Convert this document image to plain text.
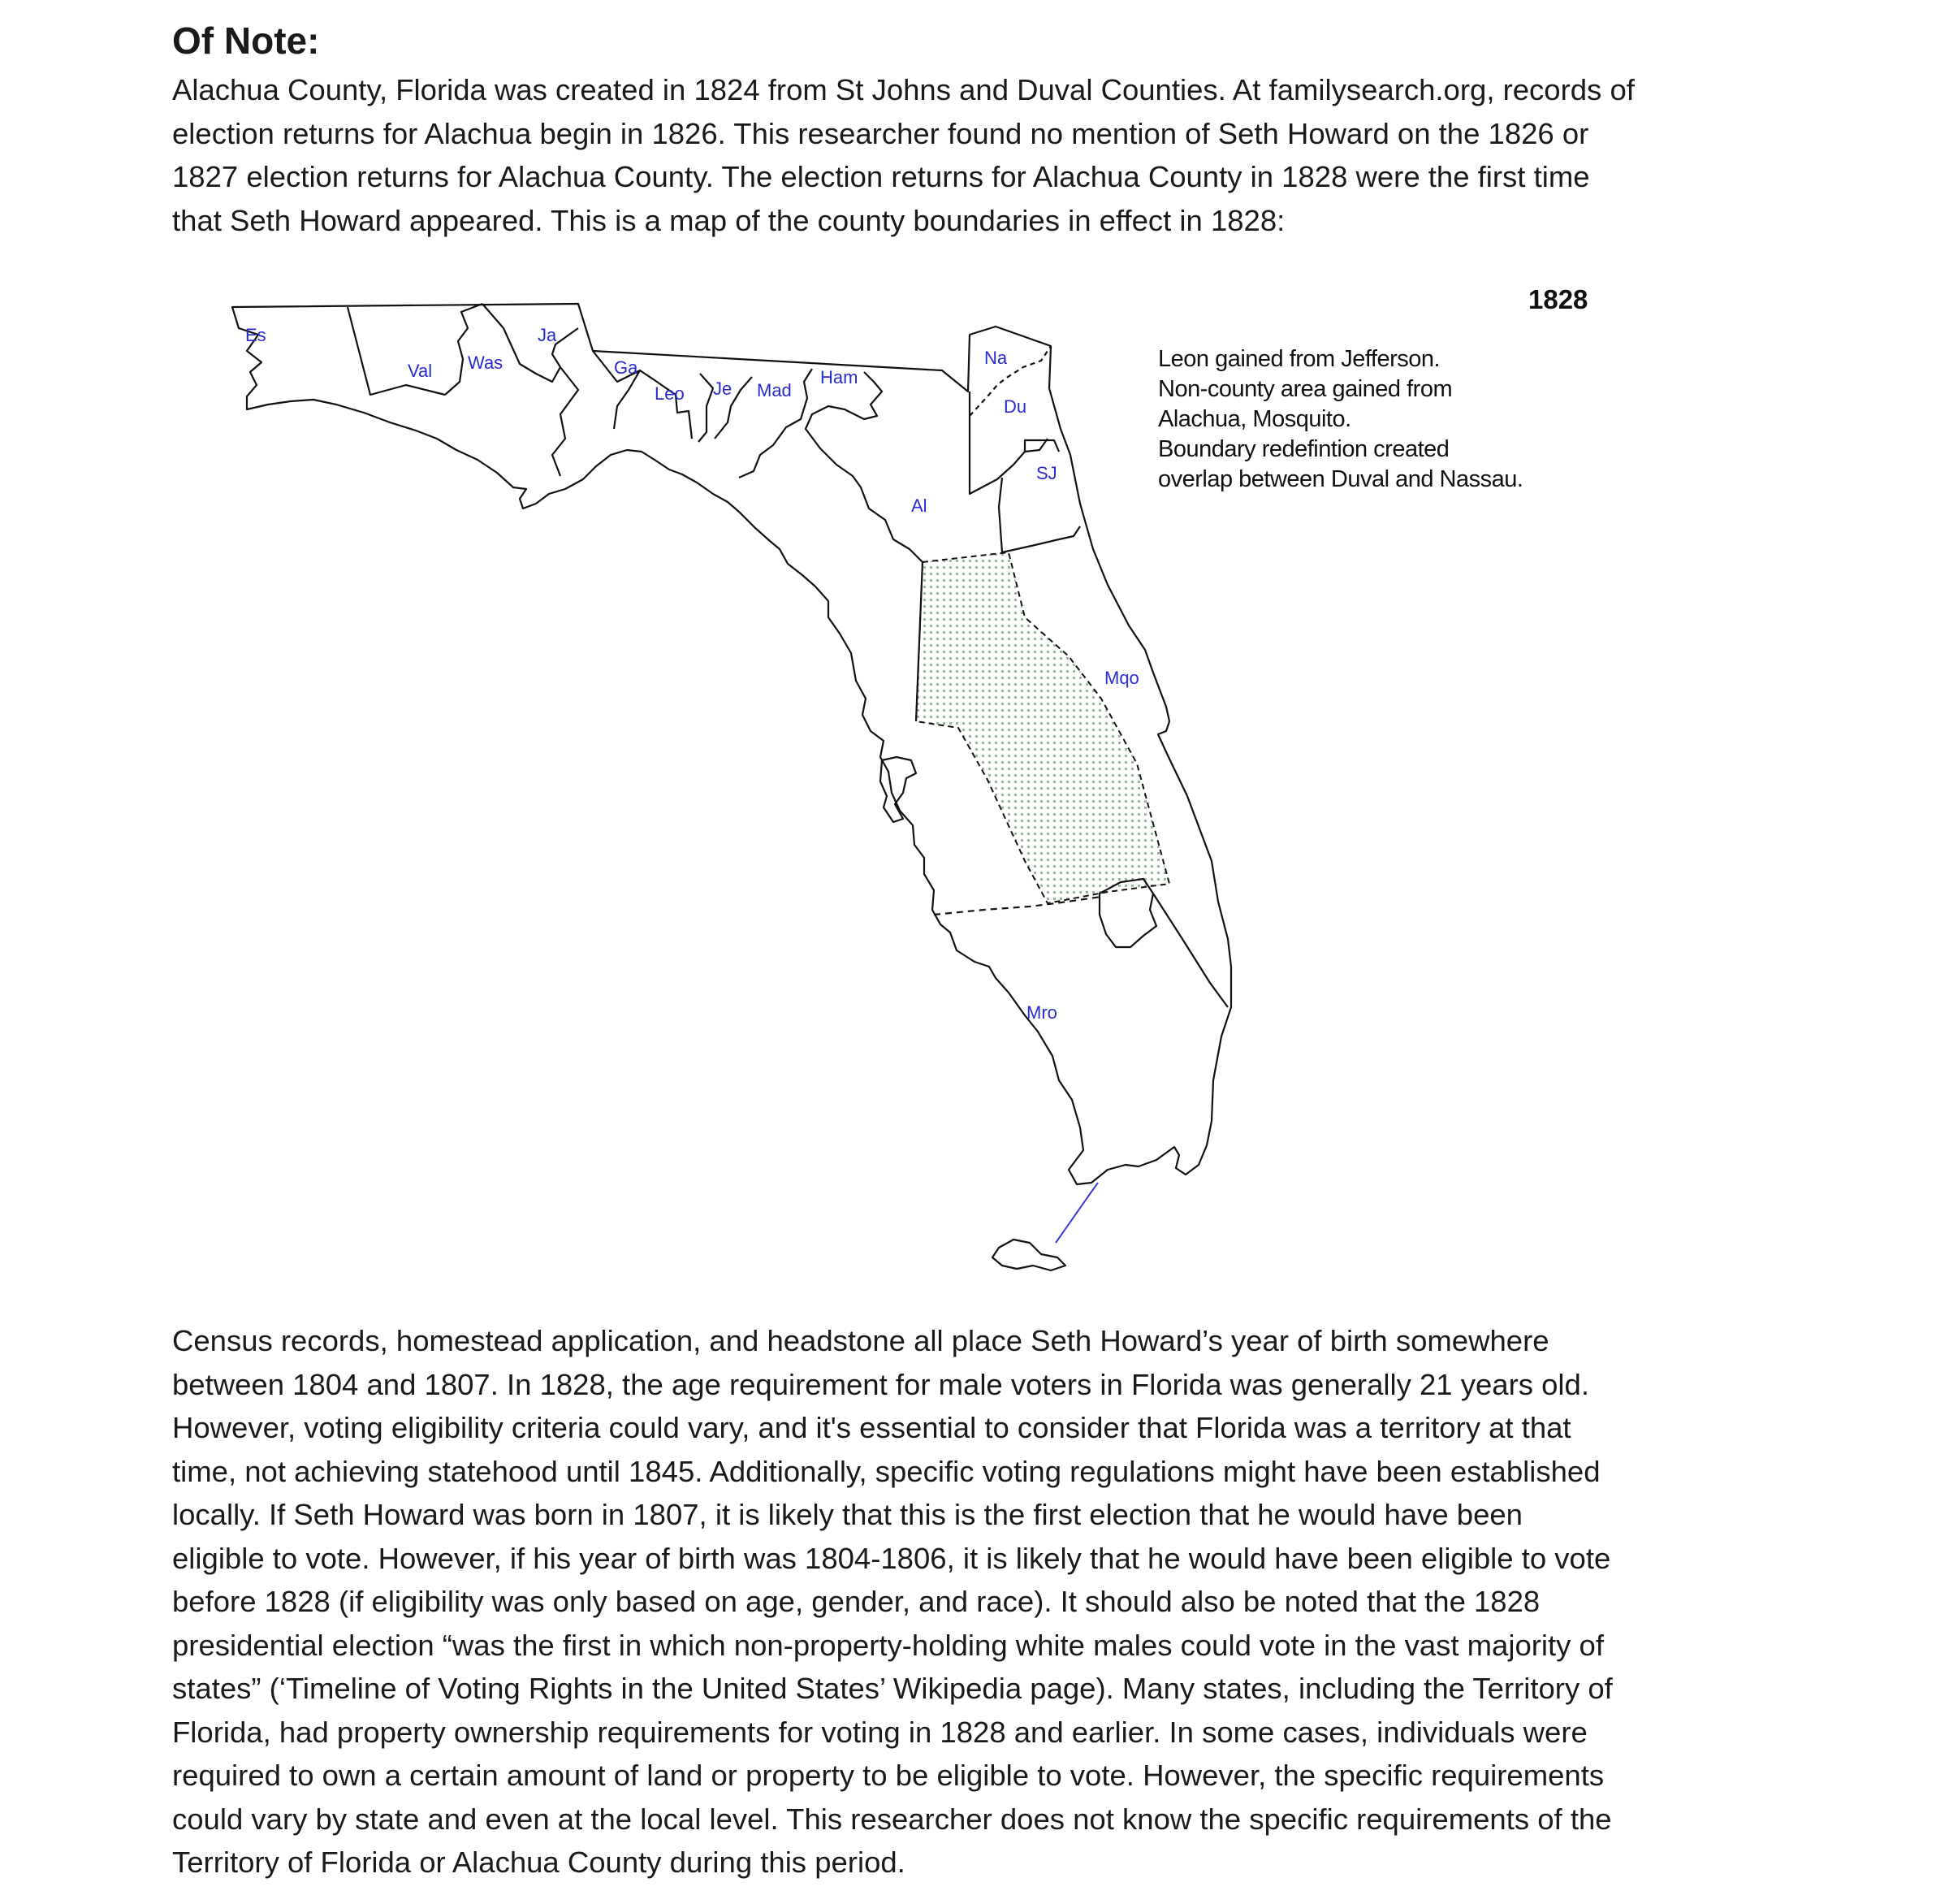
Of Note:

Alachua County, Florida was created in 1824 from St Johns and Duval Counties. At familysearch.org, records of
election returns for Alachua begin in 1826. This researcher found no mention of Seth Howard on the 1826 or
1827 election returns for Alachua County. The election returns for Alachua County in 1828 were the first time
that Seth Howard appeared. This is a map of the county boundaries in effect in 1828:

Es
Val Was
Ja
Ga
Leo Je Mad
Ham
Na
Du
SJ
Al
Mqo
Mro
1828
Leon gained from Jefferson.
Non-county area gained from
Alachua, Mosquito.
Boundary redefintion created
overlap between Duval and Nassau.

Census records, homestead application, and headstone all place Seth Howard’s year of birth somewhere
between 1804 and 1807. In 1828, the age requirement for male voters in Florida was generally 21 years old.
However, voting eligibility criteria could vary, and it's essential to consider that Florida was a territory at that
time, not achieving statehood until 1845. Additionally, specific voting regulations might have been established
locally. If Seth Howard was born in 1807, it is likely that this is the first election that he would have been
eligible to vote. However, if his year of birth was 1804-1806, it is likely that he would have been eligible to vote
before 1828 (if eligibility was only based on age, gender, and race). It should also be noted that the 1828
presidential election “was the first in which non-property-holding white males could vote in the vast majority of
states” (‘Timeline of Voting Rights in the United States’ Wikipedia page). Many states, including the Territory of
Florida, had property ownership requirements for voting in 1828 and earlier. In some cases, individuals were
required to own a certain amount of land or property to be eligible to vote. However, the specific requirements
could vary by state and even at the local level. This researcher does not know the specific requirements of the
Territory of Florida or Alachua County during this period.
